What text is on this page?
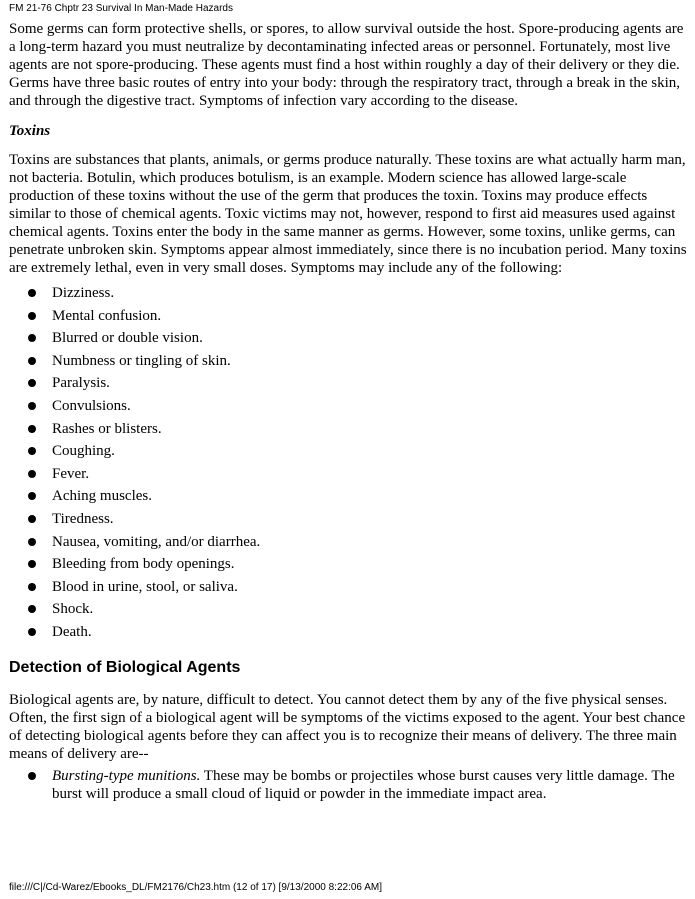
FM 21-76 Chptr 23 Survival In Man-Made Hazards

Some germs can form protective shells, or spores, to allow survival outside the host. Spore-producing agents are a long-term hazard you must neutralize by decontaminating infected areas or personnel. Fortunately, most live agents are not spore-producing. These agents must find a host within roughly a day of their delivery or they die. Germs have three basic routes of entry into your body: through the respiratory tract, through a break in the skin, and through the digestive tract. Symptoms of infection vary according to the disease.

Toxins

Toxins are substances that plants, animals, or germs produce naturally. These toxins are what actually harm man, not bacteria. Botulin, which produces botulism, is an example. Modern science has allowed large-scale production of these toxins without the use of the germ that produces the toxin. Toxins may produce effects similar to those of chemical agents. Toxic victims may not, however, respond to first aid measures used against chemical agents. Toxins enter the body in the same manner as germs. However, some toxins, unlike germs, can penetrate unbroken skin. Symptoms appear almost immediately, since there is no incubation period. Many toxins are extremely lethal, even in very small doses. Symptoms may include any of the following:

Dizziness.
Mental confusion.
Blurred or double vision.
Numbness or tingling of skin.
Paralysis.
Convulsions.
Rashes or blisters.
Coughing.
Fever.
Aching muscles.
Tiredness.
Nausea, vomiting, and/or diarrhea.
Bleeding from body openings.
Blood in urine, stool, or saliva.
Shock.
Death.
Detection of Biological Agents

Biological agents are, by nature, difficult to detect. You cannot detect them by any of the five physical senses. Often, the first sign of a biological agent will be symptoms of the victims exposed to the agent. Your best chance of detecting biological agents before they can affect you is to recognize their means of delivery. The three main means of delivery are--

Bursting-type munitions. These may be bombs or projectiles whose burst causes very little damage. The burst will produce a small cloud of liquid or powder in the immediate impact area.
file:///C|/Cd-Warez/Ebooks_DL/FM2176/Ch23.htm (12 of 17) [9/13/2000 8:22:06 AM]
